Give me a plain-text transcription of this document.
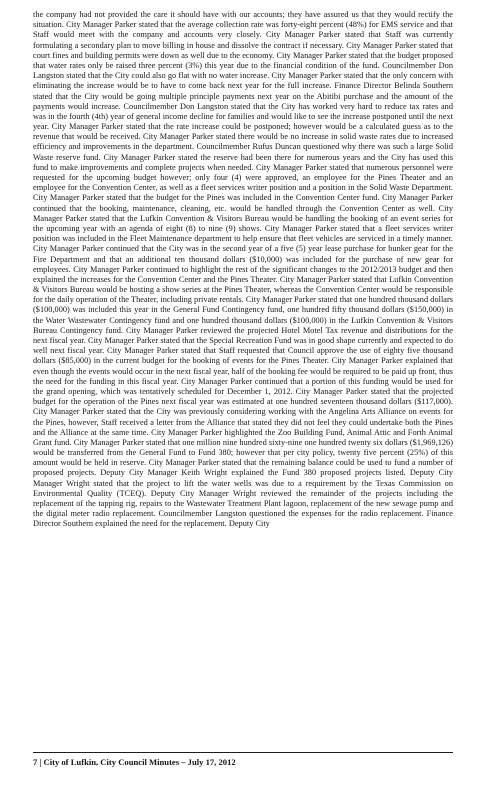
the company had not provided the care it should have with our accounts; they have assured us that they would rectify the situation. City Manager Parker stated that the average collection rate was forty-eight percent (48%) for EMS service and that Staff would meet with the company and accounts very closely. City Manager Parker stated that Staff was currently formulating a secondary plan to move billing in house and dissolve the contract if necessary. City Manager Parker stated that court fines and building permits were down as well due to the economy. City Manager Parker stated that the budget proposed that water rates only be raised three percent (3%) this year due to the financial condition of the fund. Councilmember Don Langston stated that the City could also go flat with no water increase. City Manager Parker stated that the only concern with eliminating the increase would be to have to come back next year for the full increase. Finance Director Belinda Southern stated that the City would be going multiple principle payments next year on the Abitibi purchase and the amount of the payments would increase. Councilmember Don Langston stated that the City has worked very hard to reduce tax rates and was in the fourth (4th) year of general income decline for families and would like to see the increase postponed until the next year. City Manager Parker stated that the rate increase could be postponed; however would be a calculated guess as to the revenue that would be received. City Manager Parker stated there would be no increase in solid waste rates due to increased efficiency and improvements in the department. Councilmember Rufus Duncan questioned why there was such a large Solid Waste reserve fund. City Manager Parker stated the reserve had been there for numerous years and the City has used this fund to make improvements and complete projects when needed. City Manager Parker stated that numerous personnel were requested for the upcoming budget however; only four (4) were approved, an employee for the Pines Theater and an employee for the Convention Center, as well as a fleet services writer position and a position in the Solid Waste Department. City Manager Parker stated that the budget for the Pines was included in the Convention Center fund. City Manager Parker continued that the booking, maintenance, cleaning, etc. would be handled through the Convention Center as well. City Manager Parker stated that the Lufkin Convention & Visitors Bureau would be handling the booking of an event series for the upcoming year with an agenda of eight (8) to nine (9) shows. City Manager Parker stated that a fleet services writer position was included in the Fleet Maintenance department to help ensure that fleet vehicles are serviced in a timely manner. City Manager Parker continued that the City was in the second year of a five (5) year lease purchase for bunker gear for the Fire Department and that an additional ten thousand dollars ($10,000) was included for the purchase of new gear for employees. City Manager Parker continued to highlight the rest of the significant changes to the 2012/2013 budget and then explained the increases for the Convention Center and the Pines Theater. City Manager Parker stated that Lufkin Convention & Visitors Bureau would be hosting a show series at the Pines Theater, whereas the Convention Center would be responsible for the daily operation of the Theater, including private rentals. City Manager Parker stated that one hundred thousand dollars ($100,000) was included this year in the General Fund Contingency fund, one hundred fifty thousand dollars ($150,000) in the Water Wastewater Contingency fund and one hundred thousand dollars ($100,000) in the Lufkin Convention & Visitors Bureau Contingency fund. City Manager Parker reviewed the projected Hotel Motel Tax revenue and distributions for the next fiscal year. City Manager Parker stated that the Special Recreation Fund was in good shape currently and expected to do well next fiscal year. City Manager Parker stated that Staff requested that Council approve the use of eighty five thousand dollars ($85,000) in the current budget for the booking of events for the Pines Theater. City Manager Parker explained that even though the events would occur in the next fiscal year, half of the booking fee would be required to be paid up front, thus the need for the funding in this fiscal year. City Manager Parker continued that a portion of this funding would be used for the grand opening, which was tentatively scheduled for December 1, 2012. City Manager Parker stated that the projected budget for the operation of the Pines next fiscal year was estimated at one hundred seventeen thousand dollars ($117,000). City Manager Parker stated that the City was previously considering working with the Angelina Arts Alliance on events for the Pines, however, Staff received a letter from the Alliance that stated they did not feel they could undertake both the Pines and the Alliance at the same time. City Manager Parker highlighted the Zoo Building Fund, Animal Attic and Forth Animal Grant fund. City Manager Parker stated that one million nine hundred sixty-nine one hundred twenty six dollars ($1,969,126) would be transferred from the General Fund to Fund 380; however that per city policy, twenty five percent (25%) of this amount would be held in reserve. City Manager Parker stated that the remaining balance could be used to fund a number of proposed projects. Deputy City Manager Keith Wright explained the Fund 380 proposed projects listed. Deputy City Manager Wright stated that the project to lift the water wells was due to a requirement by the Texas Commission on Environmental Quality (TCEQ). Deputy City Manager Wright reviewed the remainder of the projects including the replacement of the tapping rig, repairs to the Wastewater Treatment Plant lagoon, replacement of the new sewage pump and the digital meter radio replacement. Councilmember Langston questioned the expenses for the radio replacement. Finance Director Southern explained the need for the replacement. Deputy City
7 | City of Lufkin, City Council Minutes – July 17, 2012
